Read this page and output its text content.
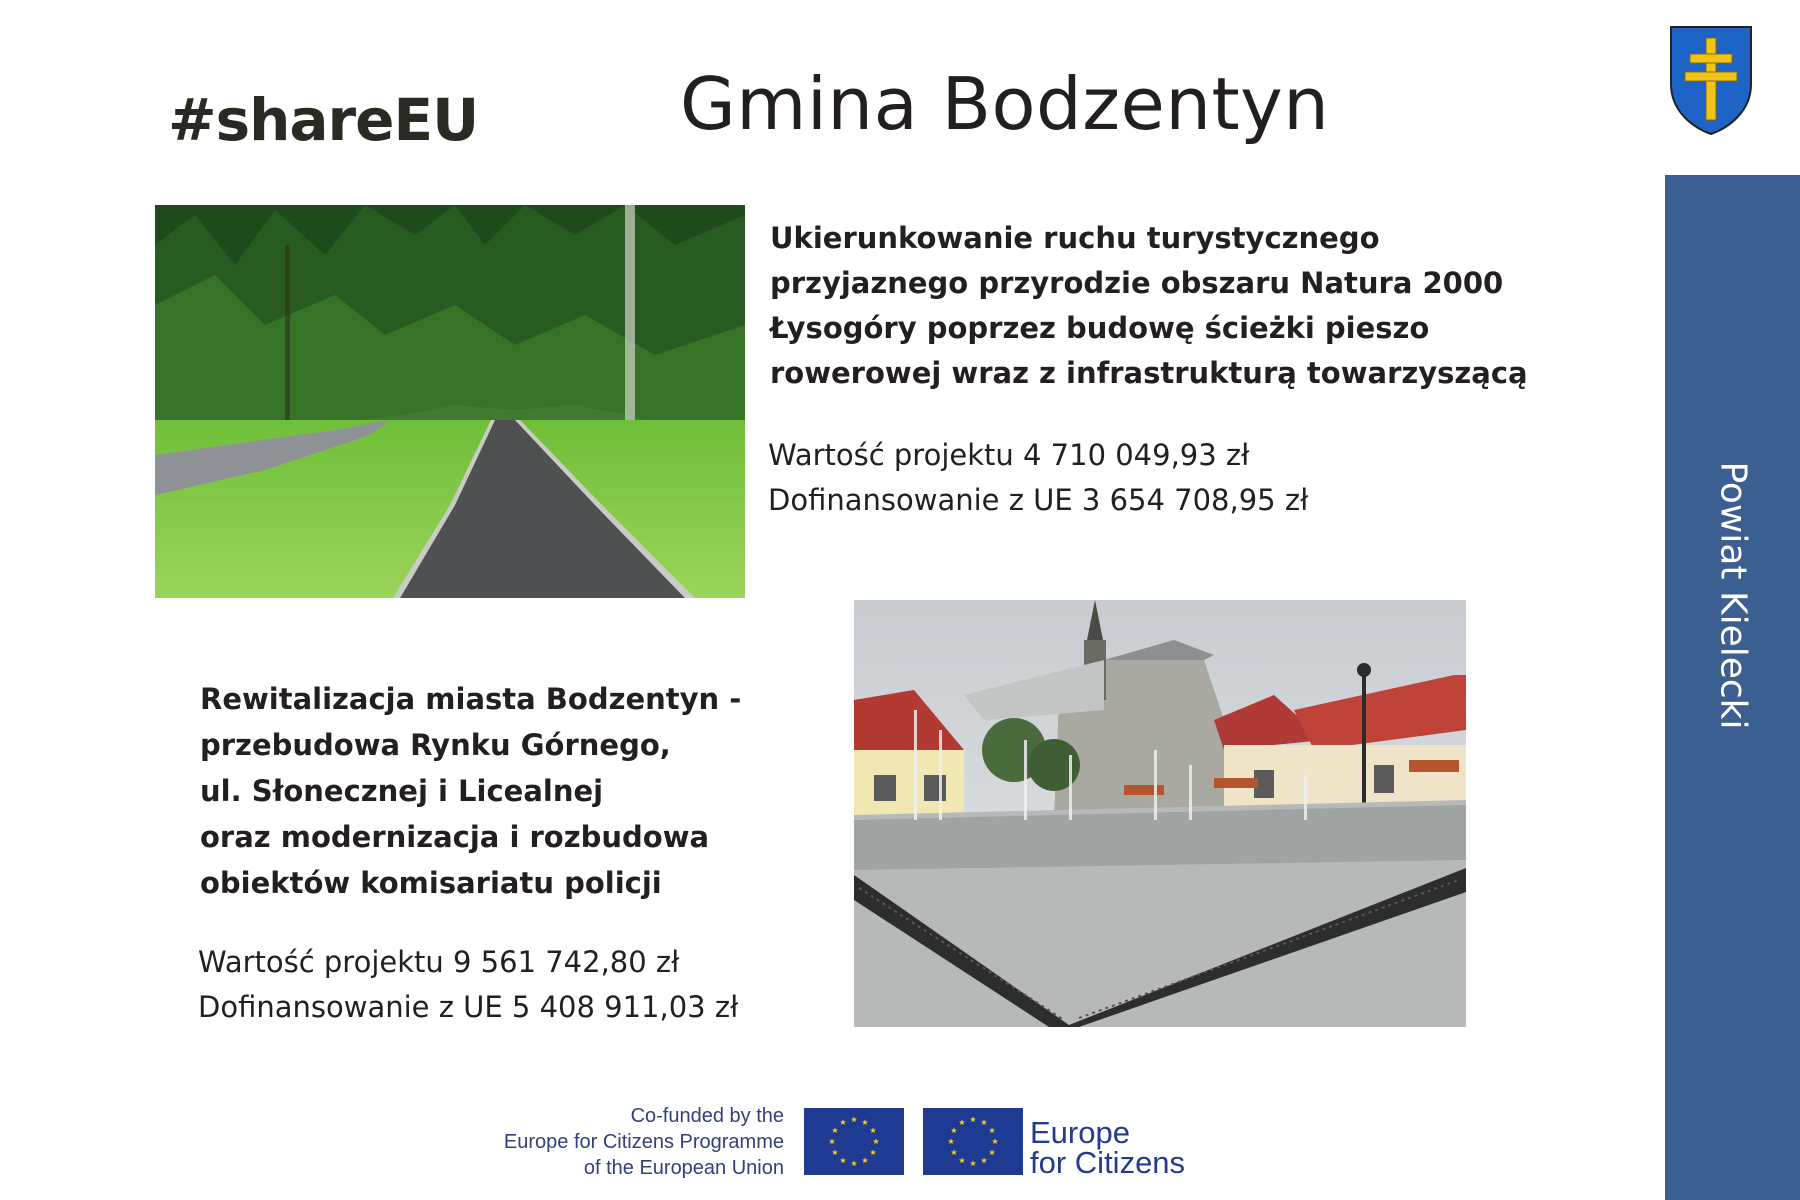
#shareEU	Gmina Bodzentyn
Powiat Kielecki
Ukierunkowanie ruchu turystycznego
przyjaznego przyrodzie obszaru Natura 2000
Łysogóry poprzez budowę ścieżki pieszo
rowerowej wraz z infrastrukturą towarzyszącą
Wartość projektu 4 710 049,93 zł
Dofinansowanie z UE 3 654 708,95 zł
Rewitalizacja miasta Bodzentyn -
przebudowa Rynku Górnego,
ul. Słonecznej i Licealnej
oraz modernizacja i rozbudowa
obiektów komisariatu policji
Wartość projektu 9 561 742,80 zł
Dofinansowanie z UE 5 408 911,03 zł
Co-funded by the
Europe for Citizens Programme
of the European Union
Europe
for Citizens
